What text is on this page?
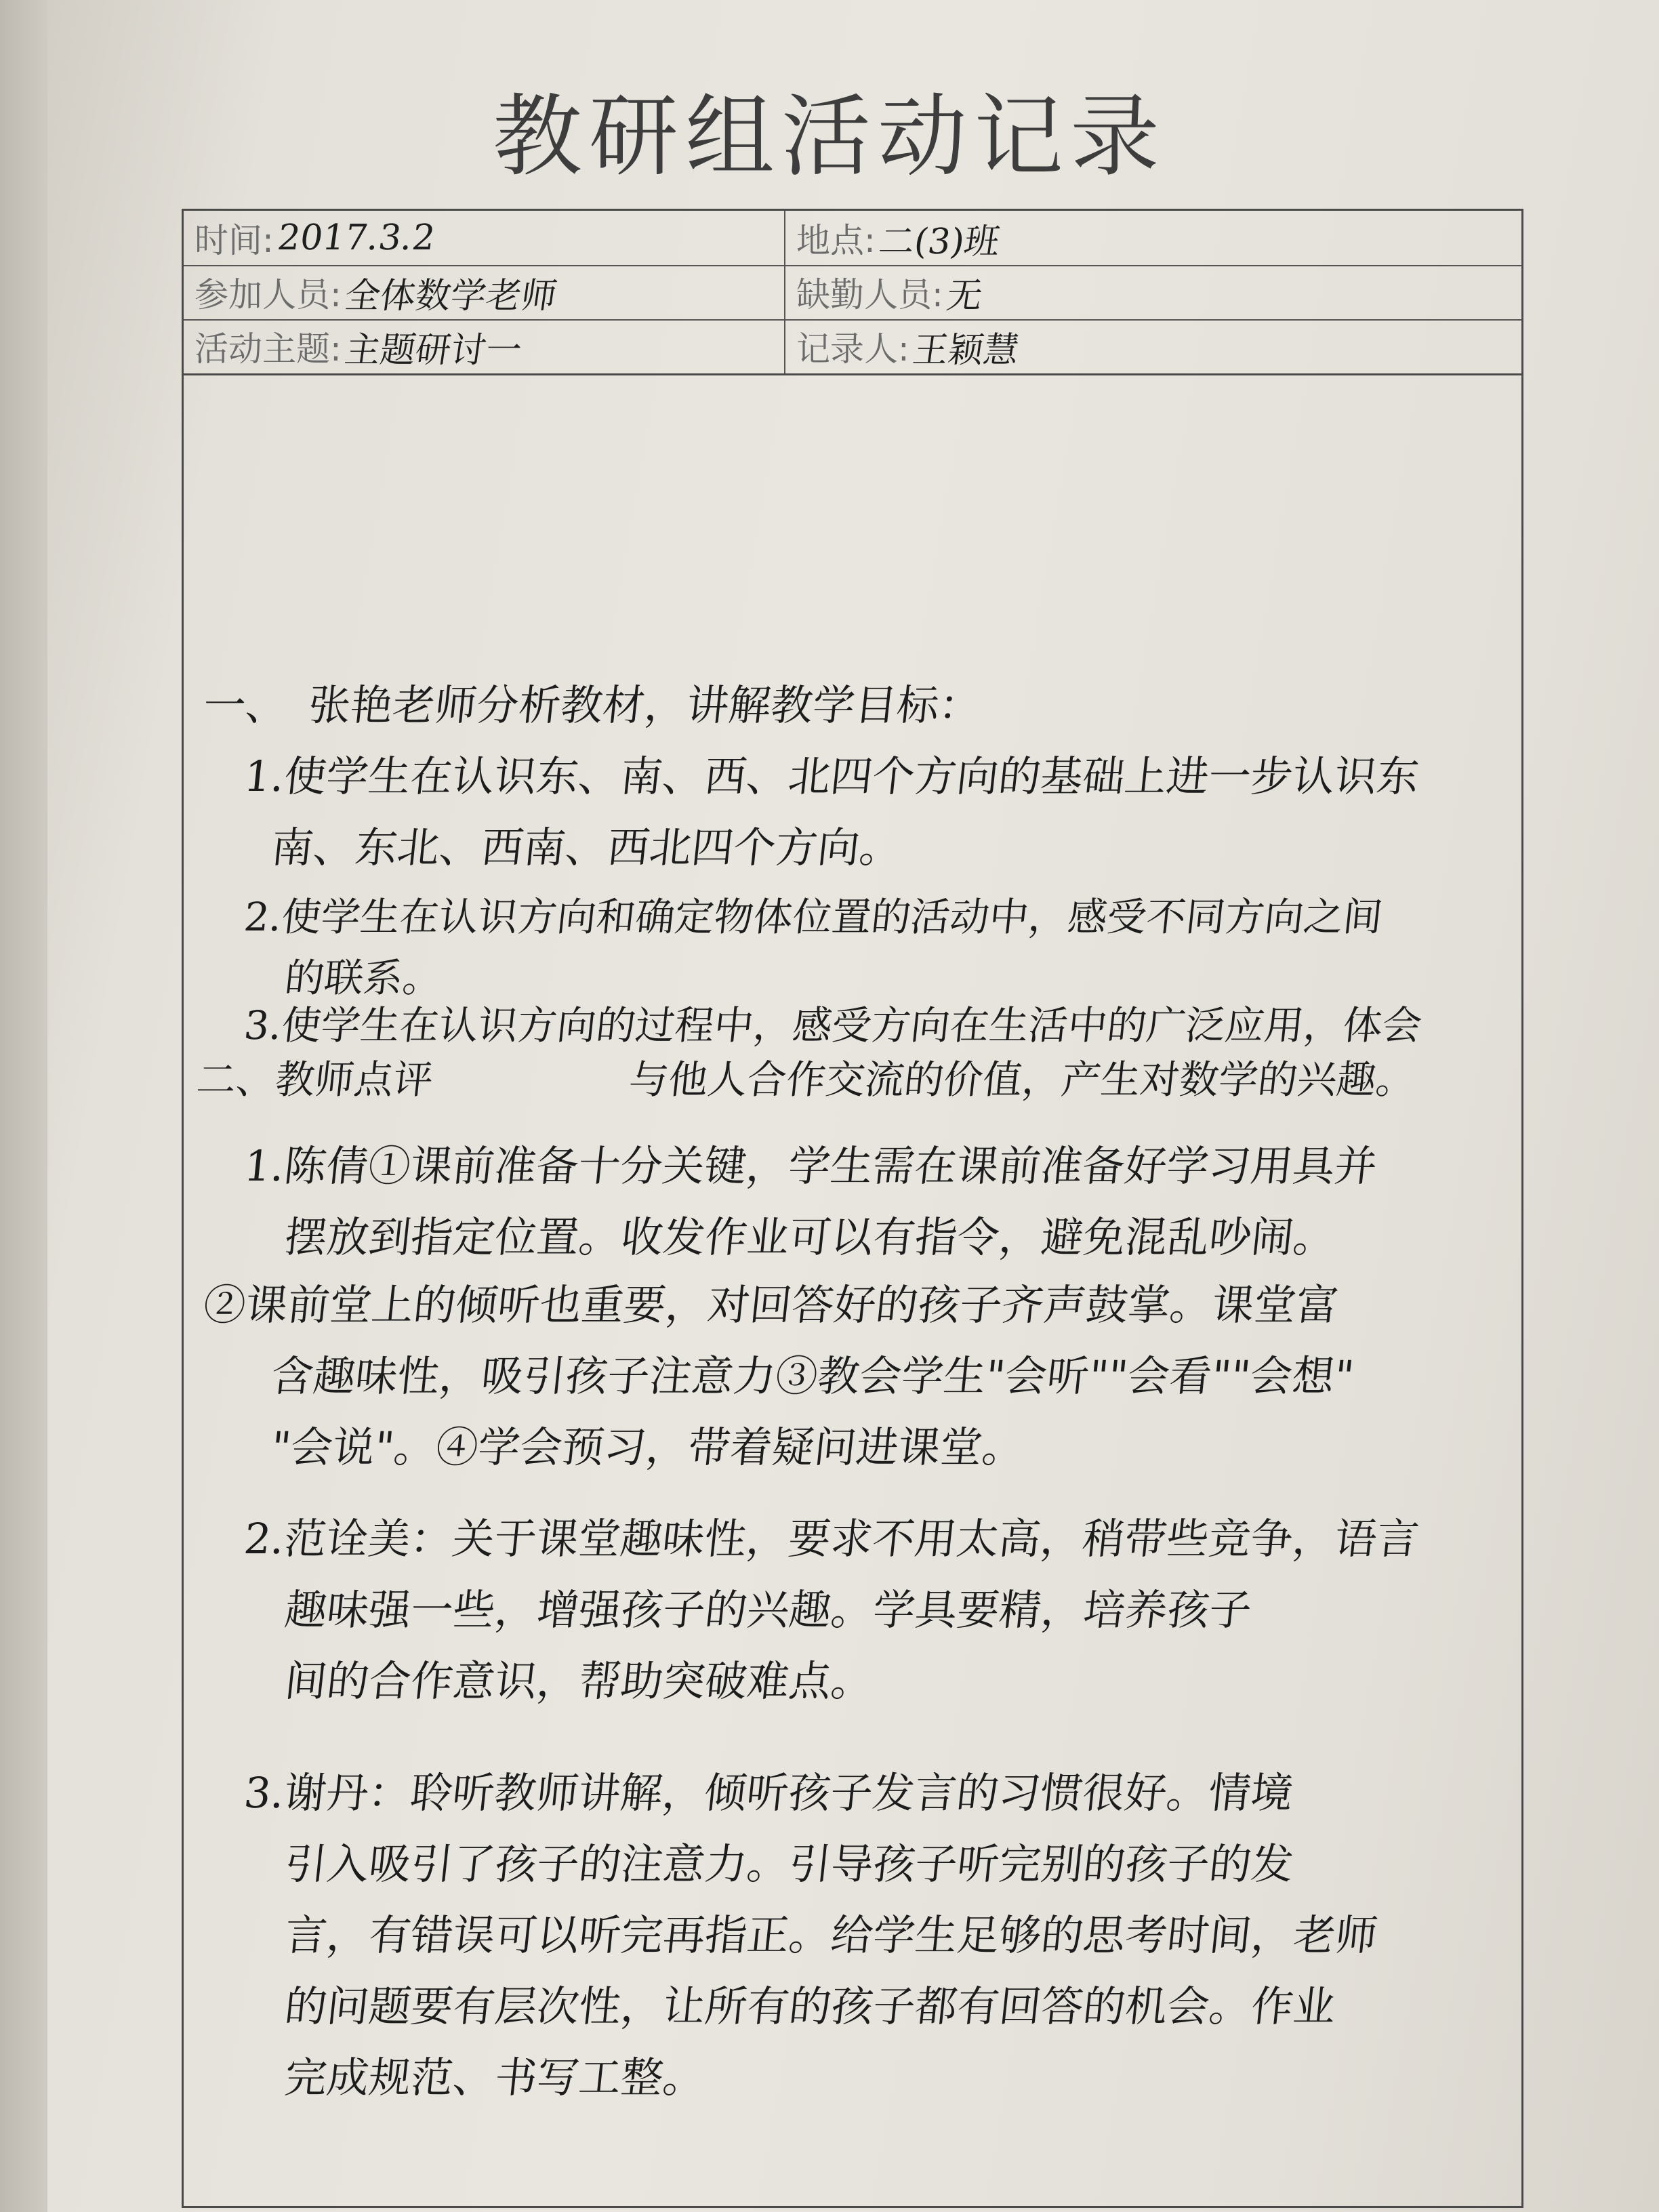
教研组活动记录
时间: 2017.3.2	地点: 二(3)班
参加人员: 全体数学老师	缺勤人员: 无
活动主题: 主题研讨一	记录人: 王颖慧
一、　张艳老师分析教材，讲解教学目标：
1.使学生在认识东、南、西、北四个方向的基础上进一步认识东
南、东北、西南、西北四个方向。
2.使学生在认识方向和确定物体位置的活动中，感受不同方向之间
的联系。
3.使学生在认识方向的过程中，感受方向在生活中的广泛应用，体会
二、教师点评　　　　　与他人合作交流的价值，产生对数学的兴趣。
1.陈倩①课前准备十分关键，学生需在课前准备好学习用具并
摆放到指定位置。收发作业可以有指令，避免混乱吵闹。
②课前堂上的倾听也重要，对回答好的孩子齐声鼓掌。课堂富
含趣味性，吸引孩子注意力③教会学生"会听""会看""会想"
"会说"。④学会预习，带着疑问进课堂。
2.范诠美：关于课堂趣味性，要求不用太高，稍带些竞争，语言
趣味强一些，增强孩子的兴趣。学具要精，培养孩子
间的合作意识，帮助突破难点。
3.谢丹：聆听教师讲解，倾听孩子发言的习惯很好。情境
引入吸引了孩子的注意力。引导孩子听完别的孩子的发
言，有错误可以听完再指正。给学生足够的思考时间，老师
的问题要有层次性，让所有的孩子都有回答的机会。作业
完成规范、书写工整。
